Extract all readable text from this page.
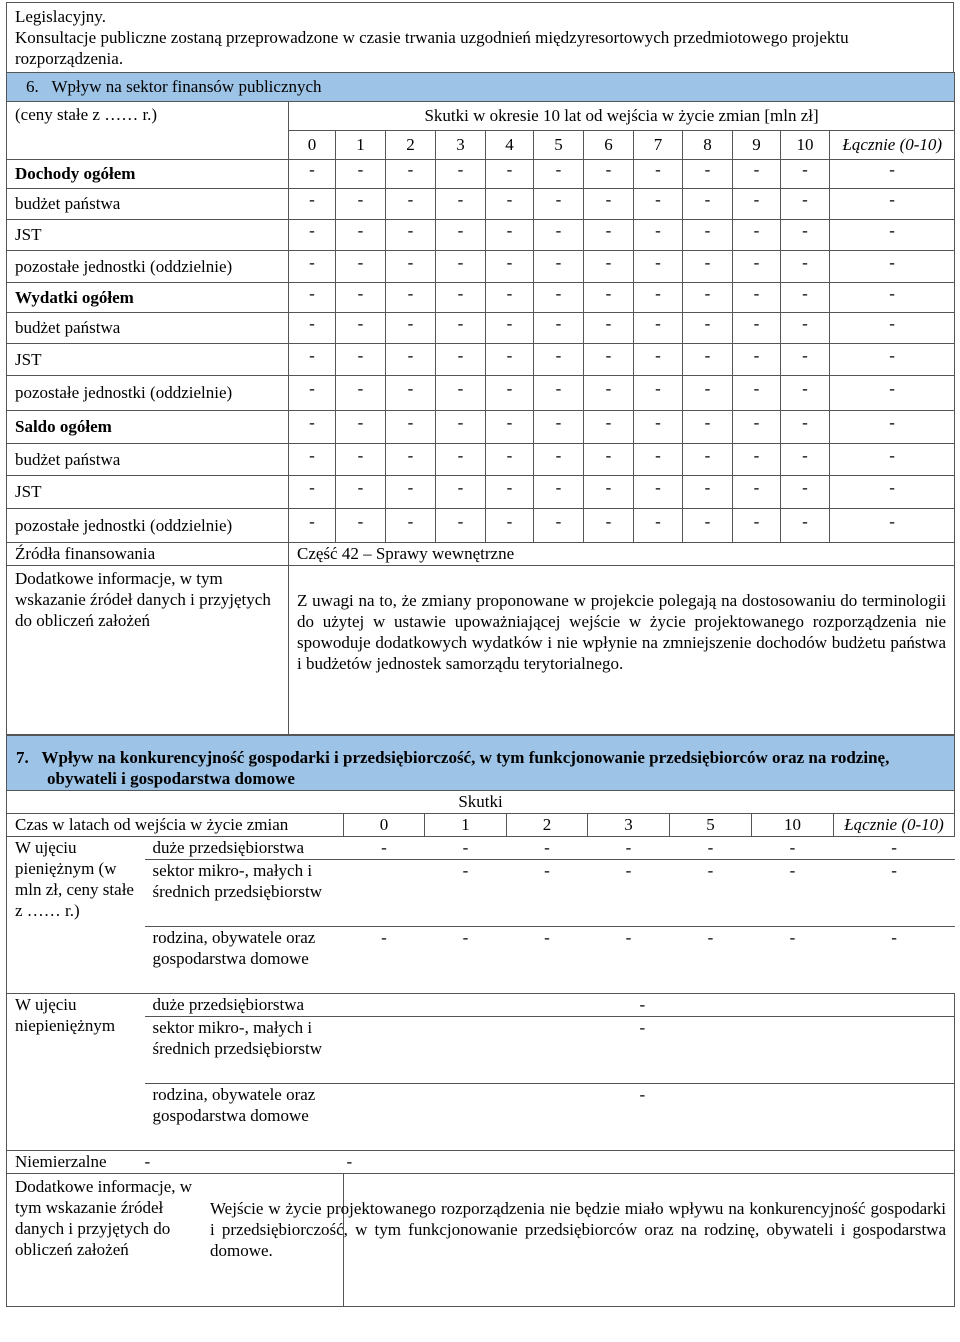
Legislacyjny.
Konsultacje publiczne zostaną przeprowadzone w czasie trwania uzgodnień międzyresortowych przedmiotowego projektu rozporządzenia.
6. Wpływ na sektor finansów publicznych												
(ceny stałe z …… r.)	Skutki w okresie 10 lat od wejścia w życie zmian [mln zł]											
	0	1	2	3	4	5	6	7	8	9	10	Łącznie (0-10)
Dochody ogółem	-	-	-	-	-	-	-	-	-	-	-	-
budżet państwa	-	-	-	-	-	-	-	-	-	-	-	-
JST	-	-	-	-	-	-	-	-	-	-	-	-
pozostałe jednostki (oddzielnie)	-	-	-	-	-	-	-	-	-	-	-	-
Wydatki ogółem	-	-	-	-	-	-	-	-	-	-	-	-
budżet państwa	-	-	-	-	-	-	-	-	-	-	-	-
JST	-	-	-	-	-	-	-	-	-	-	-	-
pozostałe jednostki (oddzielnie)	-	-	-	-	-	-	-	-	-	-	-	-
Saldo ogółem	-	-	-	-	-	-	-	-	-	-	-	-
budżet państwa	-	-	-	-	-	-	-	-	-	-	-	-
JST	-	-	-	-	-	-	-	-	-	-	-	-
pozostałe jednostki (oddzielnie)	-	-	-	-	-	-	-	-	-	-	-	-
Źródła finansowania	Część 42 – Sprawy wewnętrzne											
Dodatkowe informacje, w tym wskazanie źródeł danych i przyjętych do obliczeń założeń	Z uwagi na to, że zmiany proponowane w projekcie polegają na dostosowaniu do terminologii do użytej w ustawie upoważniającej wejście w życie projektowanego rozporządzenia nie spowoduje dodatkowych wydatków i nie wpłynie na zmniejszenie dochodów budżetu państwa i budżetów jednostek samorządu terytorialnego.											
7. Wpływ na konkurencyjność gospodarki i przedsiębiorczość, w tym funkcjonowanie przedsiębiorców oraz na rodzinę, obywateli i gospodarstwa domowe								
Skutki								
Czas w latach od wejścia w życie zmian		0	1	2	3	5	10	Łącznie (0-10)
W ujęciu pieniężnym (w mln zł, ceny stałe z …… r.)	duże przedsiębiorstwa	-	-	-	-	-	-	-
	sektor mikro-, małych i średnich przedsiębiorstw		-	-	-	-	-	-
	rodzina, obywatele oraz gospodarstwa domowe	-	-	-	-	-	-	-
W ujęciu niepieniężnym	duże przedsiębiorstwa	-						
	sektor mikro-, małych i średnich przedsiębiorstw	-						
	rodzina, obywatele oraz gospodarstwa domowe	-						
Niemierzalne	-	-						

Dodatkowe informacje, w tym wskazanie źródeł danych i przyjętych do obliczeń założeń		Wejście w życie projektowanego rozporządzenia nie będzie miało wpływu na konkurencyjność gospodarki i przedsiębiorczość, w tym funkcjonowanie przedsiębiorców oraz na rodzinę, obywateli i gospodarstwa domowe.						
